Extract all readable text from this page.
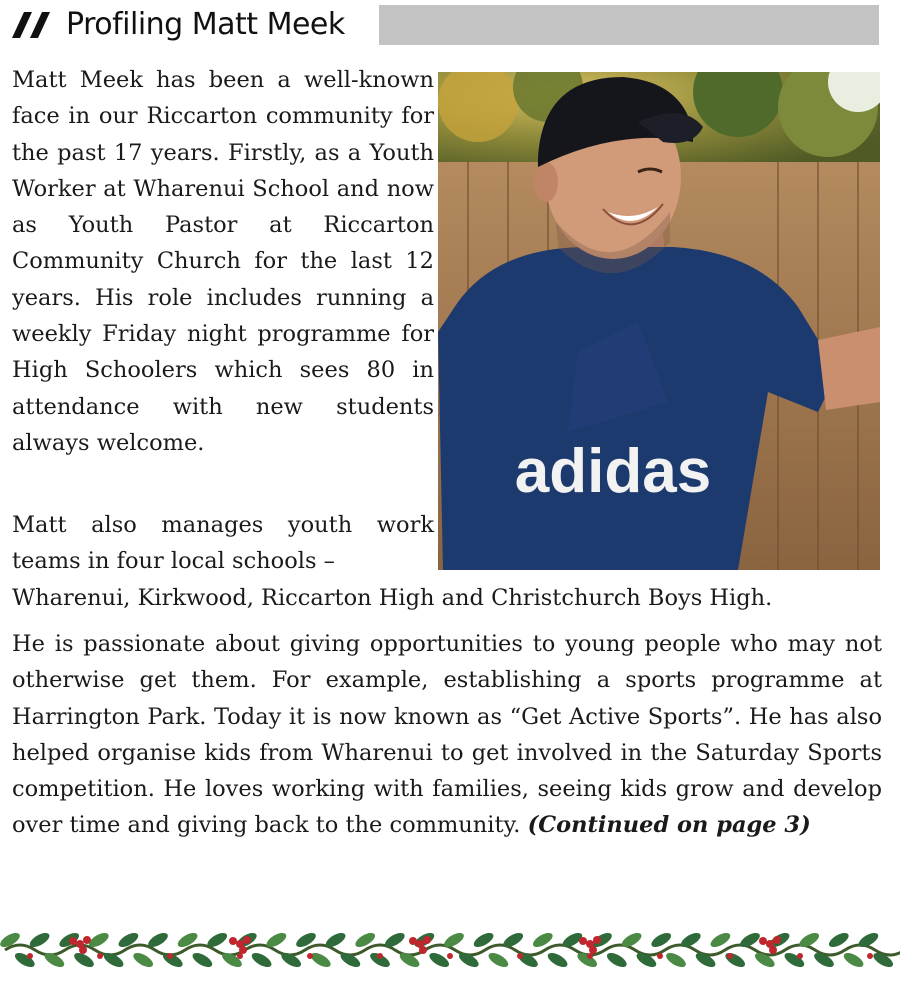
Profiling Matt Meek
adidas

Matt Meek has been a well-known face in our Riccarton community for the past 17 years. Firstly, as a Youth Worker at Wharenui School and now as Youth Pastor at Riccarton Community Church for the last 12 years. His role includes running a weekly Friday night programme for High Schoolers which sees 80 in attendance with new students always welcome.

Matt also manages youth work teams in four local schools –

Wharenui, Kirkwood, Riccarton High and Christchurch Boys High.

He is passionate about giving opportunities to young people who may not otherwise get them. For example, establishing a sports programme at Harrington Park. Today it is now known as “Get Active Sports”. He has also helped organise kids from Wharenui to get involved in the Saturday Sports competition. He loves working with families, seeing kids grow and develop over time and giving back to the community. (Continued on page 3)
